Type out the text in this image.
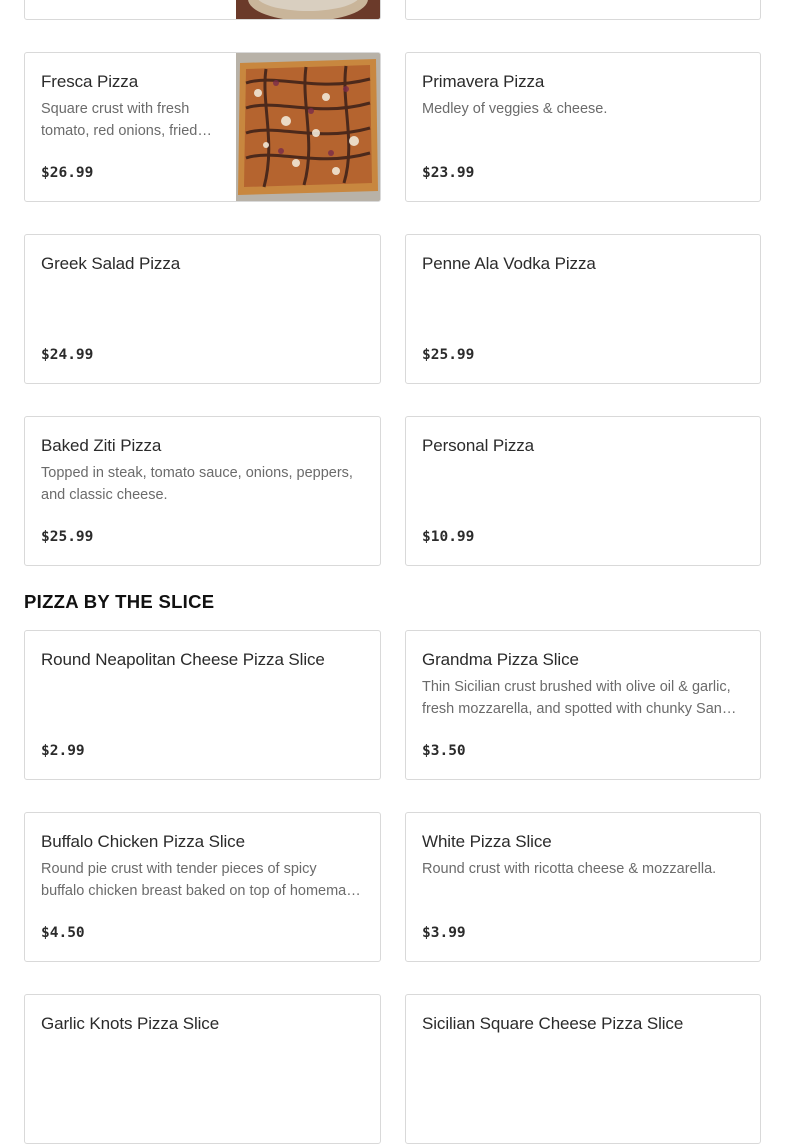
Fresca Pizza
Square crust with fresh tomato, red onions, fried…
$26.99
Primavera Pizza
Medley of veggies & cheese.
$23.99
Greek Salad Pizza
$24.99
Penne Ala Vodka Pizza
$25.99
Baked Ziti Pizza
Topped in steak, tomato sauce, onions, peppers, and classic cheese.
$25.99
Personal Pizza
$10.99
PIZZA BY THE SLICE
Round Neapolitan Cheese Pizza Slice
$2.99
Grandma Pizza Slice
Thin Sicilian crust brushed with olive oil & garlic, fresh mozzarella, and spotted with chunky San…
$3.50
Buffalo Chicken Pizza Slice
Round pie crust with tender pieces of spicy buffalo chicken breast baked on top of homema…
$4.50
White Pizza Slice
Round crust with ricotta cheese & mozzarella.
$3.99
Garlic Knots Pizza Slice	Sicilian Square Cheese Pizza Slice
